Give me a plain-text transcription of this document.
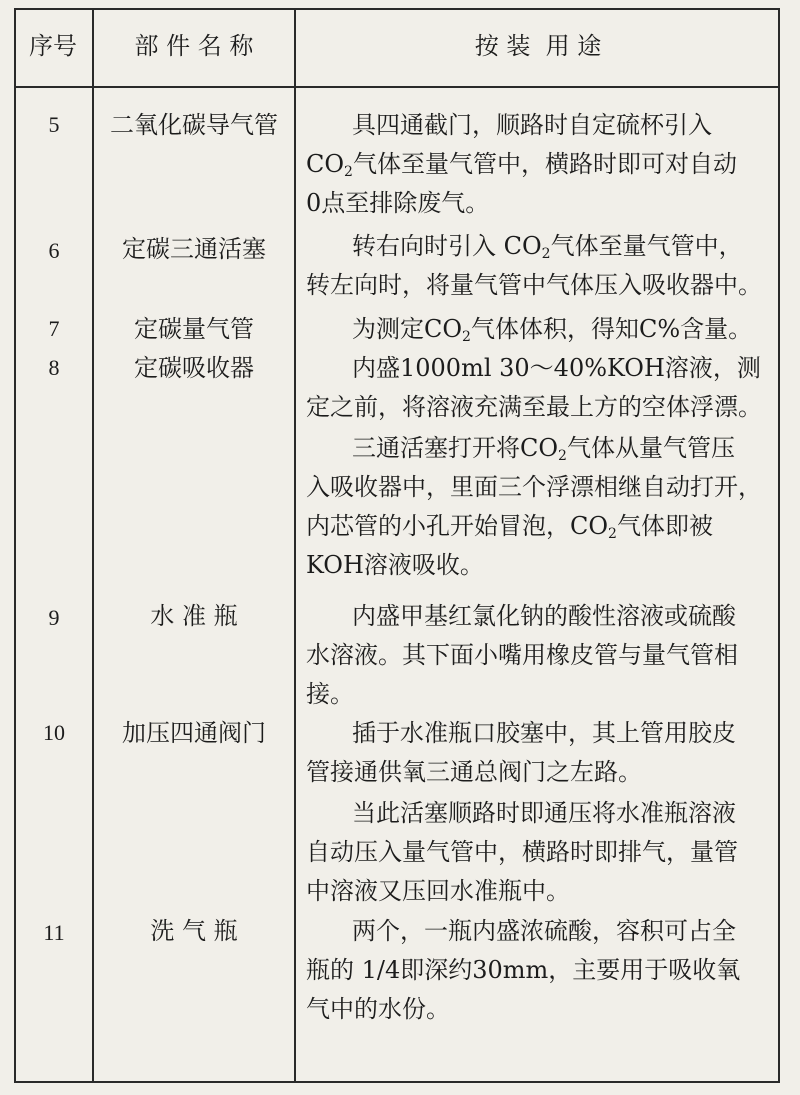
序号	部 件 名 称	按 装  用 途
5	二氧化碳导气管	具四通截门，顺路时自定硫杯引入
$CO_2$气体至量气管中，横路时即可对自动
0点至排除废气。
6	定碳三通活塞	转右向时引入 $CO_2$气体至量气管中，
转左向时，将量气管中气体压入吸收器中。
7	定碳量气管	为测定$CO_2$气体体积，得知C%含量。
8	定碳吸收器	内盛1000ml 30～40%KOH溶液，测
定之前，将溶液充满至最上方的空体浮漂。
三通活塞打开将$CO_2$气体从量气管压
入吸收器中，里面三个浮漂相继自动打开，
内芯管的小孔开始冒泡，$CO_2$气体即被
KOH溶液吸收。
9	水 准 瓶	内盛甲基红氯化钠的酸性溶液或硫酸
水溶液。其下面小嘴用橡皮管与量气管相
接。
10	加压四通阀门	插于水准瓶口胶塞中，其上管用胶皮
管接通供氧三通总阀门之左路。
当此活塞顺路时即通压将水准瓶溶液
自动压入量气管中，横路时即排气，量管
中溶液又压回水准瓶中。
11	洗 气 瓶	两个，一瓶内盛浓硫酸，容积可占全
瓶的 1/4即深约30mm，主要用于吸收氧
气中的水份。
